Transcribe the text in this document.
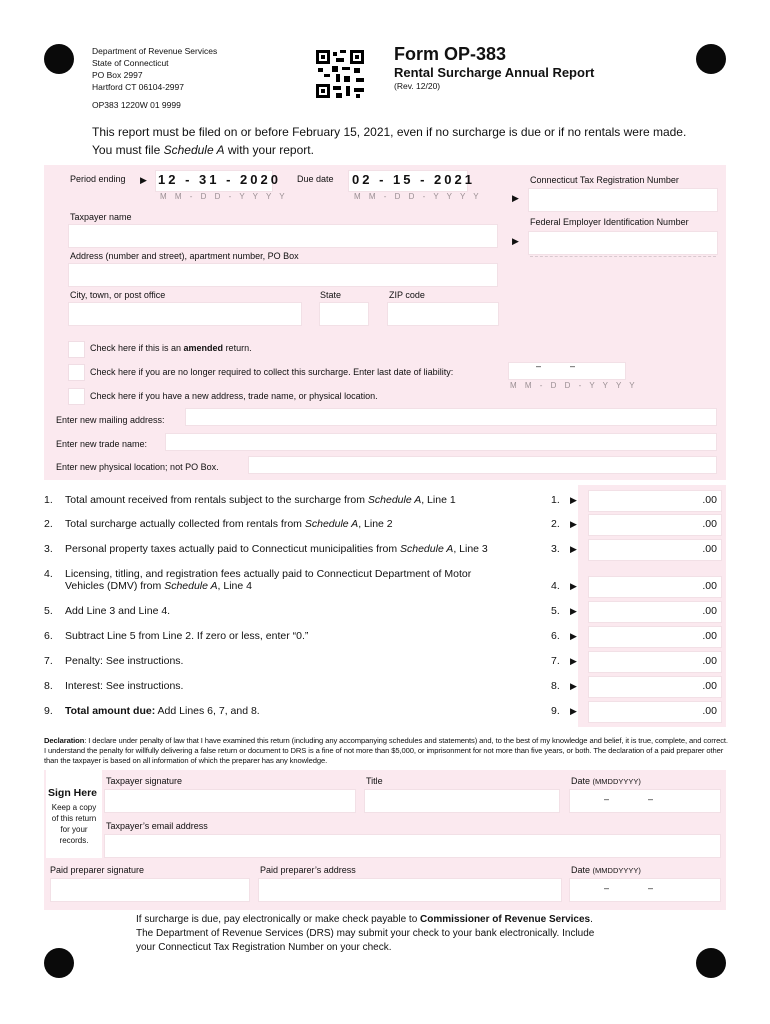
Department of Revenue Services
State of Connecticut
PO Box 2997
Hartford CT 06104-2997
OP383 1220W 01 9999
Form OP-383
Rental Surcharge Annual Report
(Rev. 12/20)
This report must be filed on or before February 15, 2021, even if no surcharge is due or if no rentals were made.
You must file Schedule A with your report.
Period ending ▶ 12 - 31 - 2020
M M - D D - Y Y Y Y
Due date 02 - 15 - 2021
M M - D D - Y Y Y Y
Connecticut Tax Registration Number
▶
Federal Employer Identification Number
▶
Taxpayer name
Address (number and street), apartment number, PO Box
City, town, or post office	State	ZIP code
Check here if this is an amended return.
Check here if you are no longer required to collect this surcharge. Enter last date of liability:
–	–
M M - D D - Y Y Y Y
Check here if you have a new address, trade name, or physical location.
Enter new mailing address:
Enter new trade name:
Enter new physical location; not PO Box.
1. Total amount received from rentals subject to the surcharge from Schedule A, Line 1	1. ▶	.00
2. Total surcharge actually collected from rentals from Schedule A, Line 2	2. ▶	.00
3. Personal property taxes actually paid to Connecticut municipalities from Schedule A, Line 3	3. ▶	.00
4. Licensing, titling, and registration fees actually paid to Connecticut Department of Motor
Vehicles (DMV) from Schedule A, Line 4	4. ▶	.00
5. Add Line 3 and Line 4.	5. ▶	.00
6. Subtract Line 5 from Line 2. If zero or less, enter “0.”	6. ▶	.00
7. Penalty: See instructions.	7. ▶	.00
8. Interest: See instructions.	8. ▶	.00
9. Total amount due: Add Lines 6, 7, and 8.	9. ▶	.00
Declaration: I declare under penalty of law that I have examined this return (including any accompanying schedules and statements) and, to the best of my knowledge and belief, it is true, complete, and correct. I understand the penalty for willfully delivering a false return or document to DRS is a fine of not more than $5,000, or imprisonment for not more than five years, or both. The declaration of a paid preparer other than the taxpayer is based on all information of which the preparer has any knowledge.
Sign Here
Keep a copy
of this return
for your
records.
Taxpayer signature	Title	Date (MMDDYYYY)
–	–
Taxpayer’s email address
Paid preparer signature	Paid preparer’s address	Date (MMDDYYYY)
–	–
If surcharge is due, pay electronically or make check payable to Commissioner of Revenue Services.
The Department of Revenue Services (DRS) may submit your check to your bank electronically. Include
your Connecticut Tax Registration Number on your check.
